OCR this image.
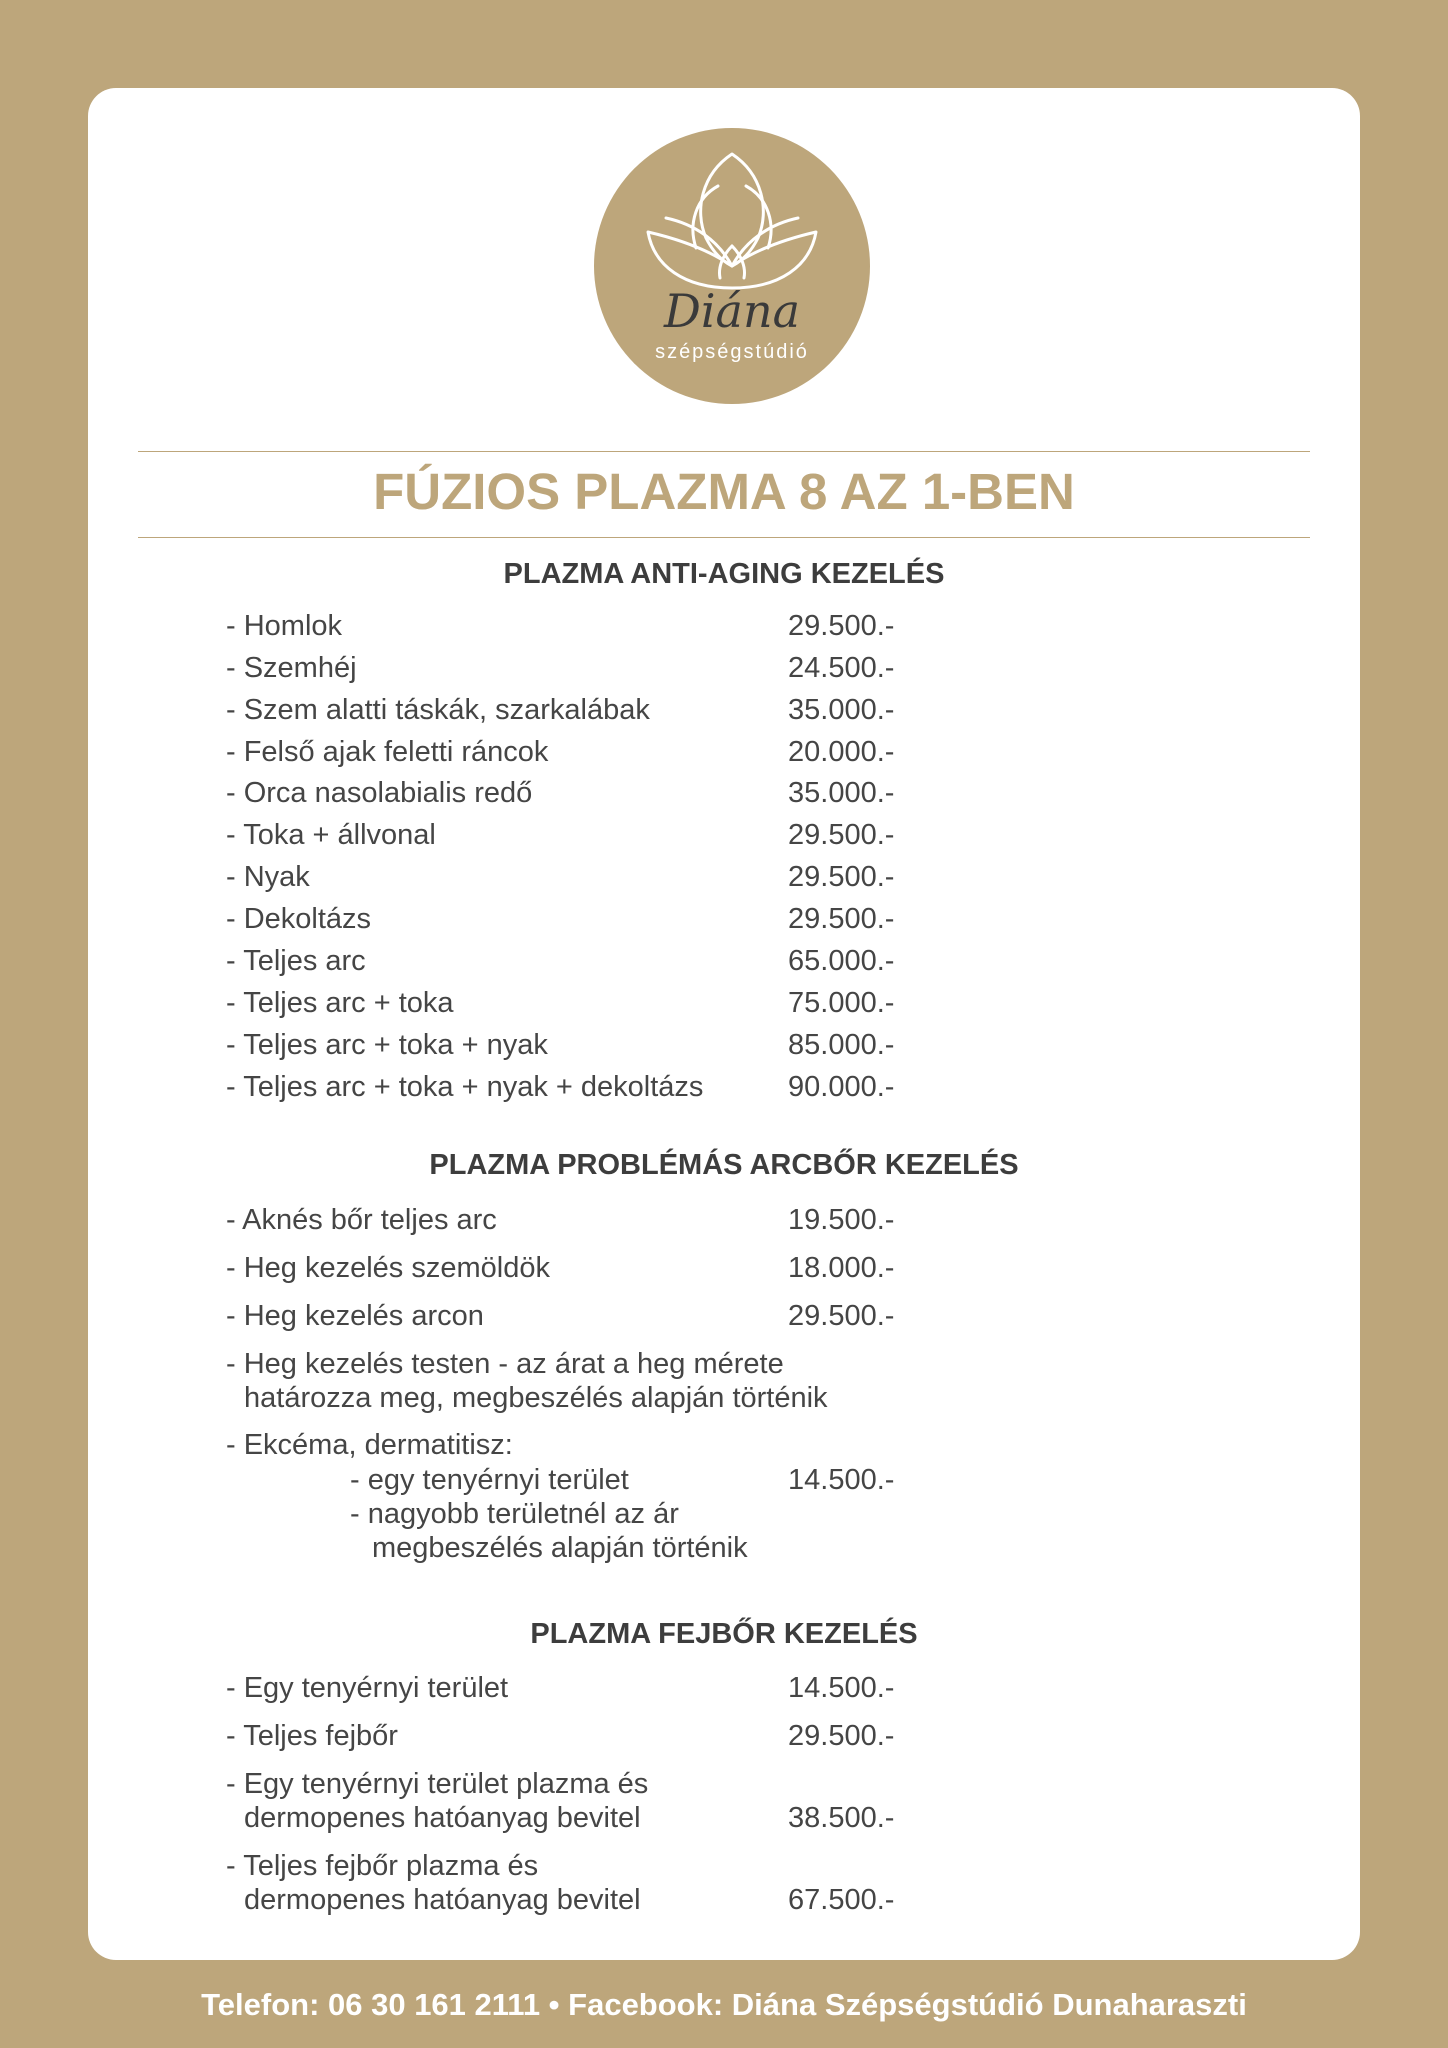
Diána
szépségstúdió
FÚZIOS PLAZMA 8 AZ 1-BEN
PLAZMA ANTI-AGING KEZELÉS
- Homlok	29.500.-
- Szemhéj	24.500.-
- Szem alatti táskák, szarkalábak	35.000.-
- Felső ajak feletti ráncok	20.000.-
- Orca nasolabialis redő	35.000.-
- Toka + állvonal	29.500.-
- Nyak	29.500.-
- Dekoltázs	29.500.-
- Teljes arc	65.000.-
- Teljes arc + toka	75.000.-
- Teljes arc + toka + nyak	85.000.-
- Teljes arc + toka + nyak + dekoltázs	90.000.-
PLAZMA PROBLÉMÁS ARCBŐR KEZELÉS
- Aknés bőr teljes arc	19.500.-
- Heg kezelés szemöldök	18.000.-
- Heg kezelés arcon	29.500.-
- Heg kezelés testen - az árat a heg mérete
határozza meg, megbeszélés alapján történik
- Ekcéma, dermatitisz:
- egy tenyérnyi terület	14.500.-
- nagyobb területnél az ár
megbeszélés alapján történik
PLAZMA FEJBŐR KEZELÉS
- Egy tenyérnyi terület	14.500.-
- Teljes fejbőr	29.500.-
- Egy tenyérnyi terület plazma és
dermopenes hatóanyag bevitel	38.500.-
- Teljes fejbőr plazma és
dermopenes hatóanyag bevitel	67.500.-
Telefon: 06 30 161 2111 • Facebook: Diána Szépségstúdió Dunaharaszti
